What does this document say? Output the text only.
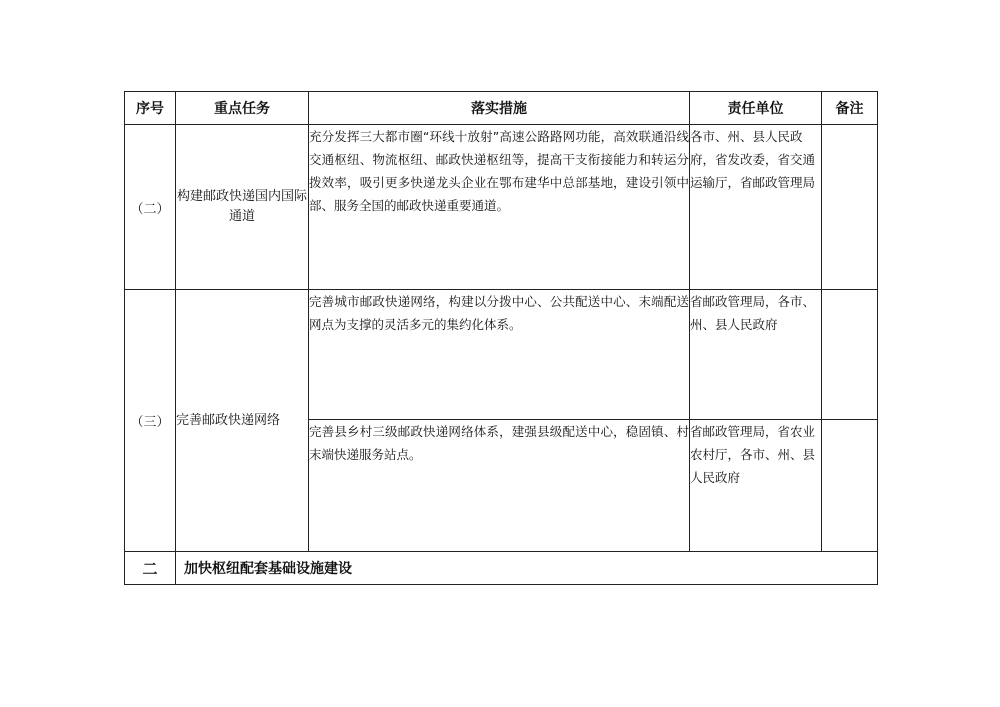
序号	重点任务	落实措施	责任单位	备注
（二）	构建邮政快递国内国际通道	充分发挥三大都市圈“环线十放射”高速公路路网功能，高效联通沿线交通枢纽、物流枢纽、邮政快递枢纽等，提高干支衔接能力和转运分拨效率，吸引更多快递龙头企业在鄂布建华中总部基地，建设引领中部、服务全国的邮政快递重要通道。	各市、州、县人民政府，省发改委，省交通运输厅，省邮政管理局	
（三）	完善邮政快递网络	完善城市邮政快递网络，构建以分拨中心、公共配送中心、末端配送网点为支撑的灵活多元的集约化体系。	省邮政管理局，各市、州、县人民政府	
		完善县乡村三级邮政快递网络体系，建强县级配送中心，稳固镇、村末端快递服务站点。	省邮政管理局，省农业农村厅，各市、州、县人民政府	
二	加快枢纽配套基础设施建设			
